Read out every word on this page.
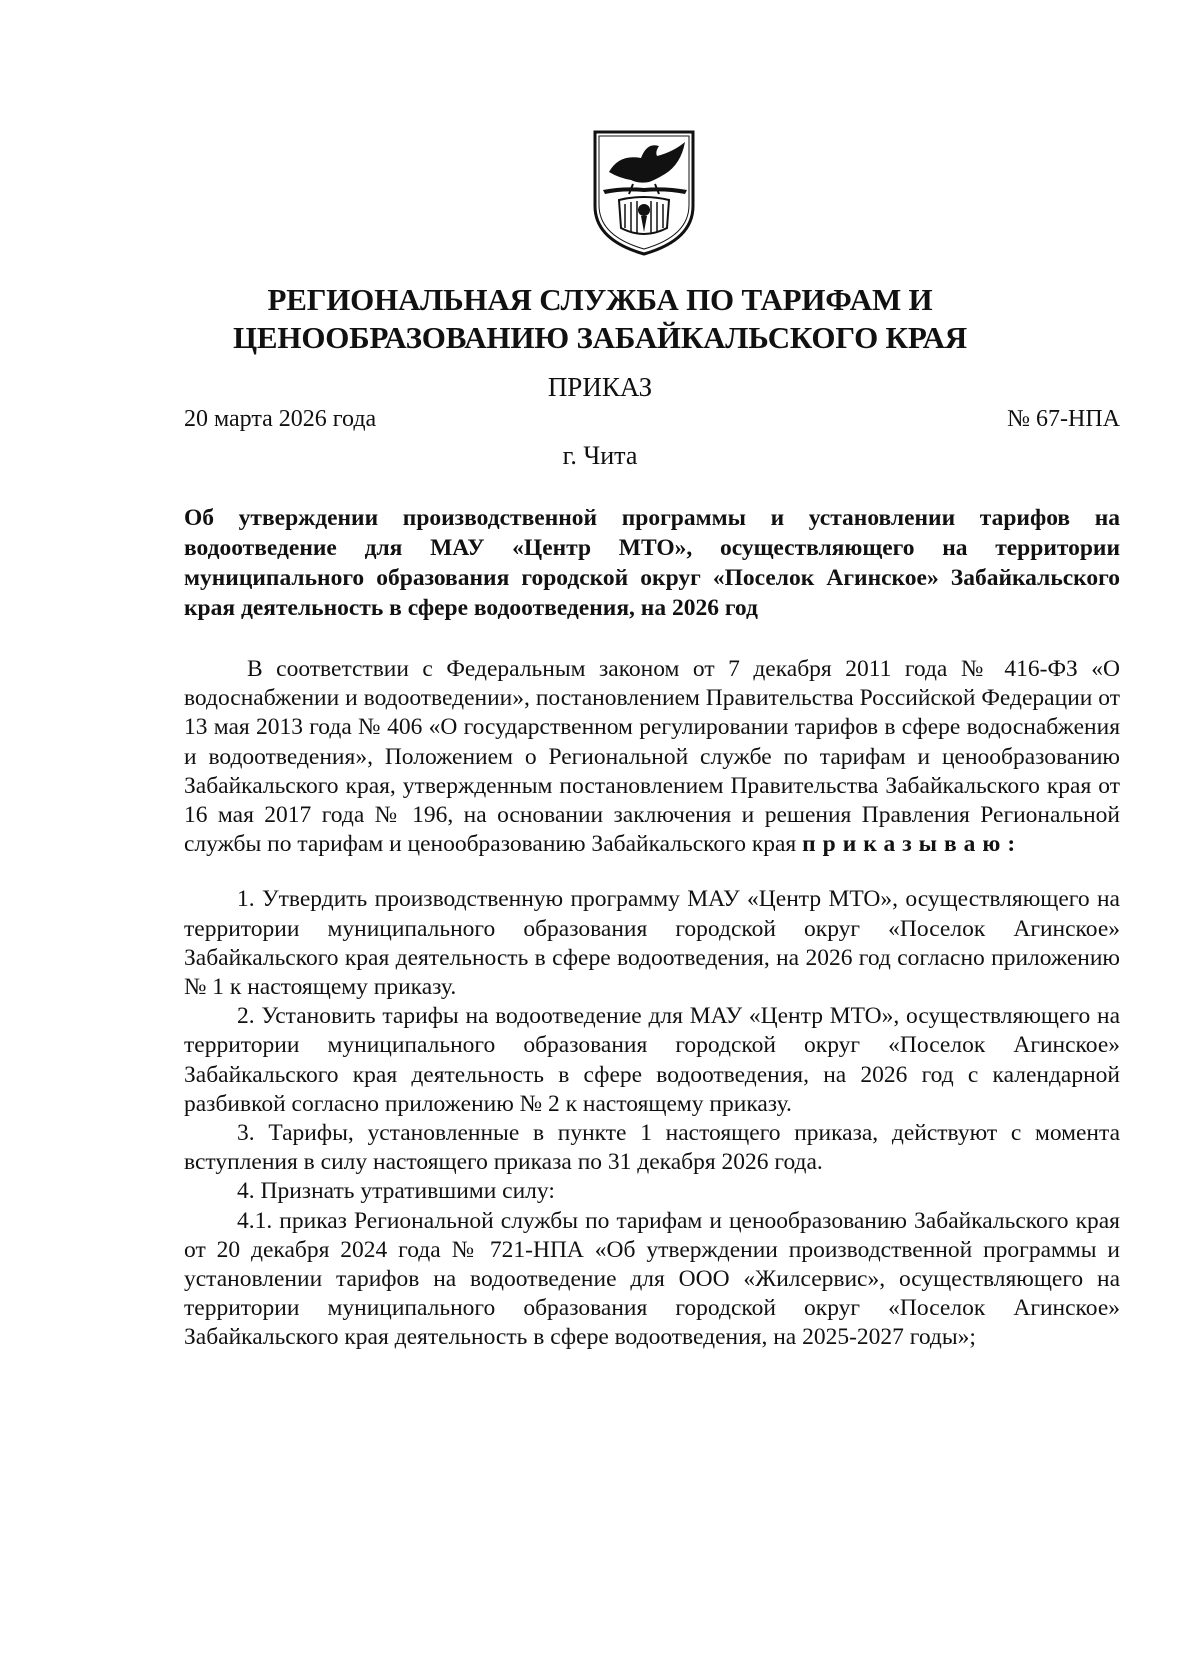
РЕГИОНАЛЬНАЯ СЛУЖБА ПО ТАРИФАМ И
ЦЕНООБРАЗОВАНИЮ ЗАБАЙКАЛЬСКОГО КРАЯ
ПРИКАЗ
20 марта 2026 года	№ 67-НПА
г. Чита
Об утверждении производственной программы и установлении тарифов на водоотведение для МАУ «Центр МТО», осуществляющего на территории муниципального образования городской округ «Поселок Агинское» Забайкальского края деятельность в сфере водоотведения, на 2026 год

В соответствии с Федеральным законом от 7 декабря 2011 года № 416-ФЗ «О водоснабжении и водоотведении», постановлением Правительства Российской Федерации от 13 мая 2013 года № 406 «О государственном регулировании тарифов в сфере водоснабжения и водоотведения», Положением о Региональной службе по тарифам и ценообразованию Забайкальского края, утвержденным постановлением Правительства Забайкальского края от 16 мая 2017 года № 196, на основании заключения и решения Правления Региональной службы по тарифам и ценообразованию Забайкальского края приказываю:

1. Утвердить производственную программу МАУ «Центр МТО», осуществляющего на территории муниципального образования городской округ «Поселок Агинское» Забайкальского края деятельность в сфере водоотведения, на 2026 год согласно приложению № 1 к настоящему приказу.

2. Установить тарифы на водоотведение для МАУ «Центр МТО», осуществляющего на территории муниципального образования городской округ «Поселок Агинское» Забайкальского края деятельность в сфере водоотведения, на 2026 год с календарной разбивкой согласно приложению № 2 к настоящему приказу.

3. Тарифы, установленные в пункте 1 настоящего приказа, действуют с момента вступления в силу настоящего приказа по 31 декабря 2026 года.

4. Признать утратившими силу:

4.1. приказ Региональной службы по тарифам и ценообразованию Забайкальского края от 20 декабря 2024 года № 721-НПА «Об утверждении производственной программы и установлении тарифов на водоотведение для ООО «Жилсервис», осуществляющего на территории муниципального образования городской округ «Поселок Агинское» Забайкальского края деятельность в сфере водоотведения, на 2025-2027 годы»;
